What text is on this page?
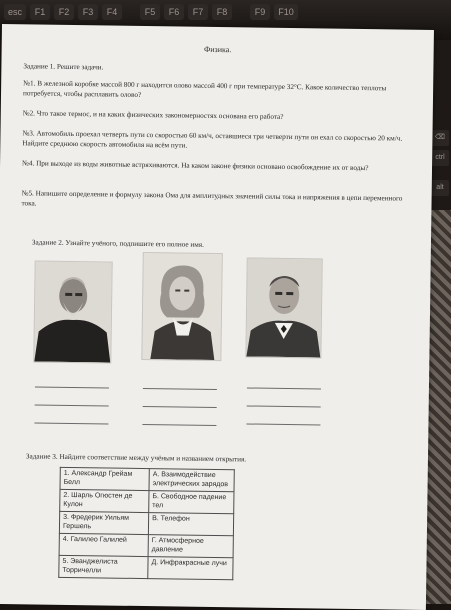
esc	F1	F2	F3	F4	F5	F6	F7	F8	F9	F10
⌫
ctrl
alt
Физика.
Задание 1. Решите задачи.
№1. В железной коробке массой 800 г находится олово массой 400 г при температуре 32°С. Какое количество теплоты потребуется, чтобы расплавить олово?
№2. Что такое термос, и на каких физических закономерностях основана его работа?
№3. Автомобиль проехал четверть пути со скоростью 60 км/ч, оставшиеся три четверти пути он ехал со скоростью 20 км/ч. Найдите среднюю скорость автомобиля на всём пути.
№4. При выходе из воды животные встряхиваются. На каком законе физики основано освобождение их от воды?
№5. Напишите определение и формулу закона Ома для амплитудных значений силы тока и напряжения в цепи переменного тока.
Задание 2. Узнайте учёного, подпишите его полное имя.
Задание 3. Найдите соответствие между учёным и названием открытия.
1. Александр Грейам Белл	А. Взаимодействие электрических зарядов
2. Шарль Огюстен де Кулон	Б. Свободное падение тел
3. Фредерик Уильям Гершель	В. Телефон
4. Галилео Галилей	Г. Атмосферное давление
5. Эванджелиста Торричелли	Д. Инфракрасные лучи
